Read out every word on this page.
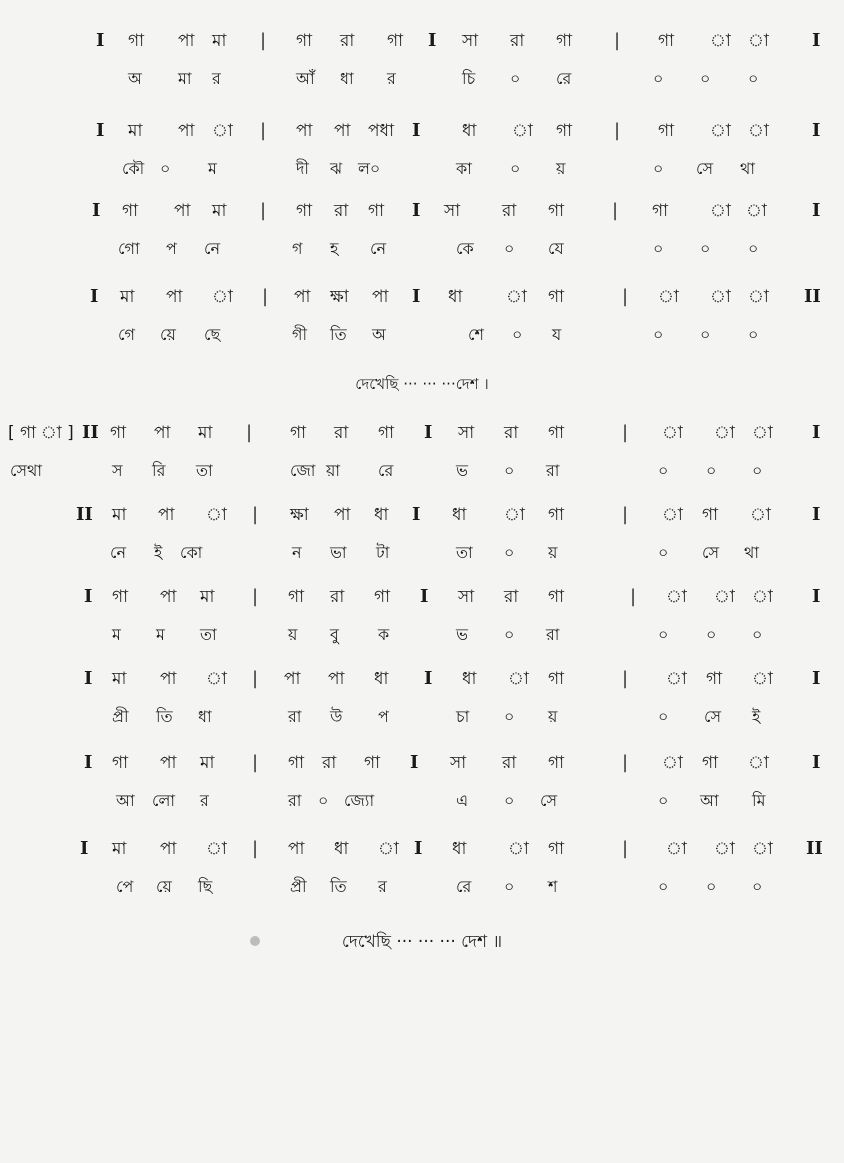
I গা পা মা | গা রা গা I সা রা গা | গা া া I
অ মা র	আঁ ধা র	চি ০ রে	০ ০ ০
I মা পা া | পা পা পধা I ধা া গা | গা া া I
কৌ ০ ম	দী ঝ ল০	কা ০ য়	০ সে থা
I গা পা মা | গা রা গা I সা রা গা	| গা া া	I
গো প নে	গ হ নে	কে ০ যে	০ ০ ০
I মা পা া | পা ক্ষা পা I ধা	া গা	| া া া II
গে য়ে ছে	গী তি অ	শে ০ য	০ ০ ০
দেখেছি ··· ··· ···দেশ ।
[ গা া ] II গা পা মা | গা রা গা I সা রা গা	| া া া I
সেথা	স রি তা	জো য়া রে	ভ ০ রা	০ ০ ০
II মা পা া | ক্ষা পা ধা I ধা া গা	| া গা া I
নে ই কো	ন ভা টা	তা ০ য়	০ সে থা
I গা পা মা | গা রা গা I সা রা গা	| া া া I
ম ম তা	য় বু ক	ভ ০ রা	০ ০ ০
I মা পা া | পা পা ধা I ধা া গা	| া গা া I
প্রী তি ধা	রা উ প	চা ০ য়	০ সে ই
I গা পা মা | গা রা গা I সা রা গা	| া গা া I
আ লো র	রা ০ জ্যো	এ ০ সে	০ আ মি
I মা পা া | পা ধা া I ধা া গা	| া া া II
পে য়ে ছি	প্রী তি র	রে ০ শ	০ ০ ০
দেখেছি ··· ··· ··· দেশ ॥
